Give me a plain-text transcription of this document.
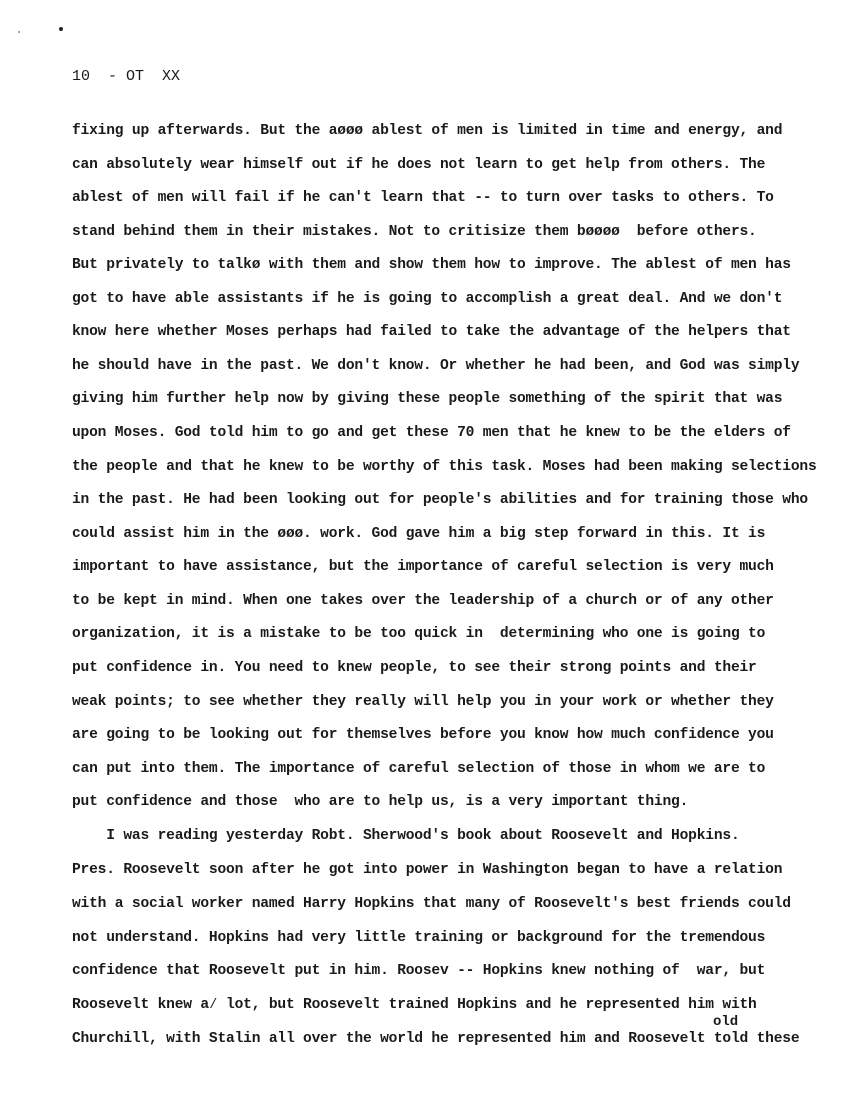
10  - OT  XX
fixing up afterwards. But the aøøø ablest of men is limited in time and energy, and
can absolutely wear himself out if he does not learn to get help from others. The
ablest of men will fail if he can't learn that -- to turn over tasks to others. To
stand behind them in their mistakes. Not to critisize them bøøøø  before others.
But privately to talkø with them and show them how to improve. The ablest of men has
got to have able assistants if he is going to accomplish a great deal. And we don't
know here whether Moses perhaps had failed to take the advantage of the helpers that
he should have in the past. We don't know. Or whether he had been, and God was simply
giving him further help now by giving these people something of the spirit that was
upon Moses. God told him to go and get these 70 men that he knew to be the elders of
the people and that he knew to be worthy of this task. Moses had been making selections
in the past. He had been looking out for people's abilities and for training those who
could assist him in the øøø. work. God gave him a big step forward in this. It is
important to have assistance, but the importance of careful selection is very much
to be kept in mind. When one takes over the leadership of a church or of any other
organization, it is a mistake to be too quick in  determining who one is going to
put confidence in. You need to knew people, to see their strong points and their
weak points; to see whether they really will help you in your work or whether they
are going to be looking out for themselves before you know how much confidence you
can put into them. The importance of careful selection of those in whom we are to
put confidence and those  who are to help us, is a very important thing.
I was reading yesterday Robt. Sherwood's book about Roosevelt and Hopkins.
Pres. Roosevelt soon after he got into power in Washington began to have a relation
with a social worker named Harry Hopkins that many of Roosevelt's best friends could
not understand. Hopkins had very little training or background for the tremendous
confidence that Roosevelt put in him. Roosev -- Hopkins knew nothing of  war, but
Roosevelt knew a⁄ lot, but Roosevelt trained Hopkins and he represented him with
old
Churchill, with Stalin all over the world he represented him and Roosevelt told these
